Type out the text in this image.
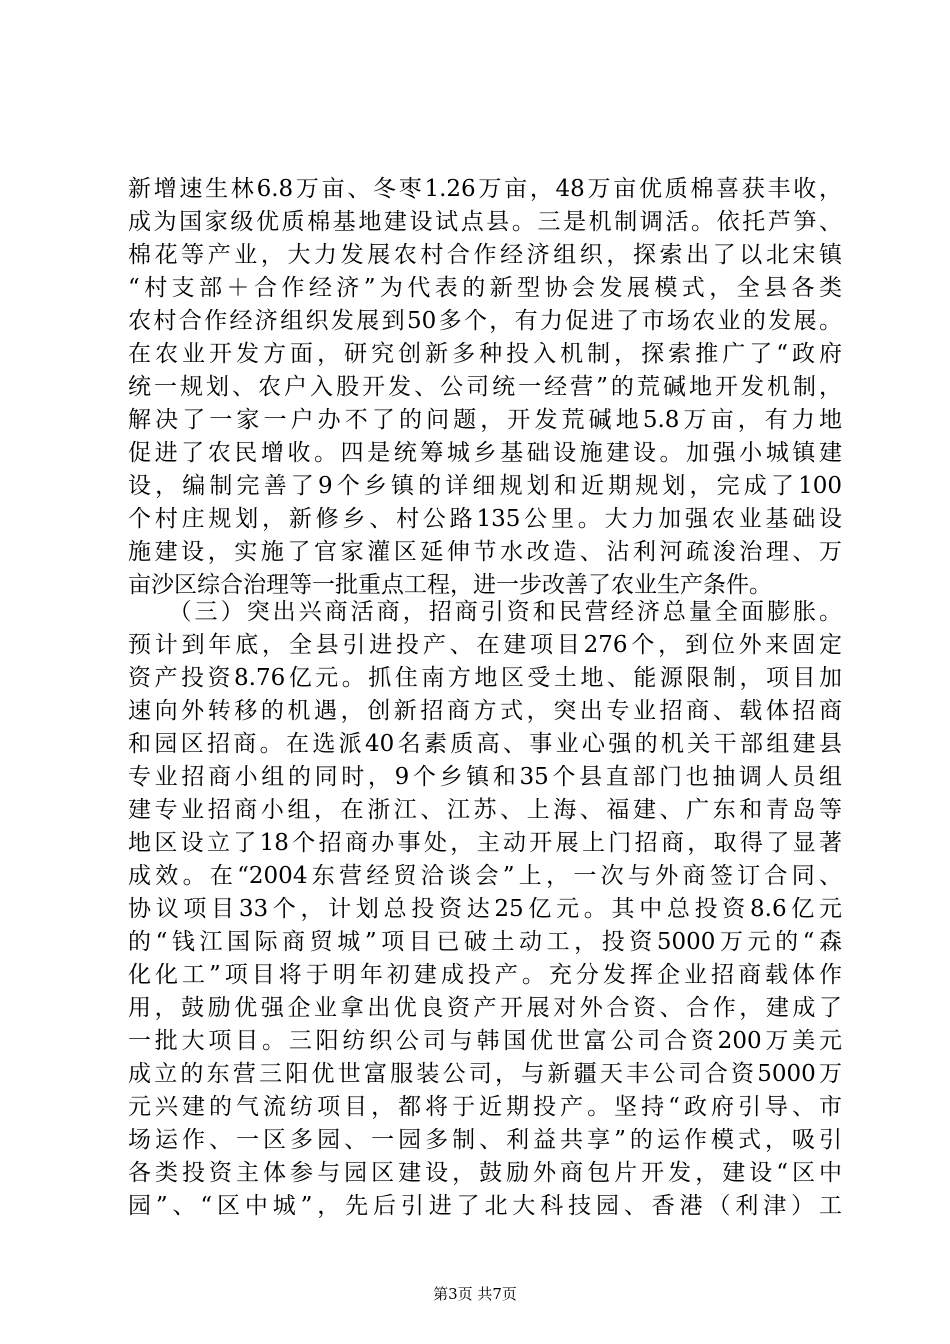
新增速生林6.8万亩、冬枣1.26万亩，48万亩优质棉喜获丰收，
成为国家级优质棉基地建设试点县。三是机制调活。依托芦笋、
棉花等产业，大力发展农村合作经济组织，探索出了以北宋镇
“村支部＋合作经济”为代表的新型协会发展模式，全县各类
农村合作经济组织发展到50多个，有力促进了市场农业的发展。
在农业开发方面，研究创新多种投入机制，探索推广了“政府
统一规划、农户入股开发、公司统一经营”的荒碱地开发机制，
解决了一家一户办不了的问题，开发荒碱地5.8万亩，有力地
促进了农民增收。四是统筹城乡基础设施建设。加强小城镇建
设，编制完善了9个乡镇的详细规划和近期规划，完成了100
个村庄规划，新修乡、村公路135公里。大力加强农业基础设
施建设，实施了官家灌区延伸节水改造、沾利河疏浚治理、万
亩沙区综合治理等一批重点工程，进一步改善了农业生产条件。
　　（三）突出兴商活商，招商引资和民营经济总量全面膨胀。
预计到年底，全县引进投产、在建项目276个，到位外来固定
资产投资8.76亿元。抓住南方地区受土地、能源限制，项目加
速向外转移的机遇，创新招商方式，突出专业招商、载体招商
和园区招商。在选派40名素质高、事业心强的机关干部组建县
专业招商小组的同时，9个乡镇和35个县直部门也抽调人员组
建专业招商小组，在浙江、江苏、上海、福建、广东和青岛等
地区设立了18个招商办事处，主动开展上门招商，取得了显著
成效。在“2004东营经贸洽谈会”上，一次与外商签订合同、
协议项目33个，计划总投资达25亿元。其中总投资8.6亿元
的“钱江国际商贸城”项目已破土动工，投资5000万元的“森
化化工”项目将于明年初建成投产。充分发挥企业招商载体作
用，鼓励优强企业拿出优良资产开展对外合资、合作，建成了
一批大项目。三阳纺织公司与韩国优世富公司合资200万美元
成立的东营三阳优世富服装公司，与新疆天丰公司合资5000万
元兴建的气流纺项目，都将于近期投产。坚持“政府引导、市
场运作、一区多园、一园多制、利益共享”的运作模式，吸引
各类投资主体参与园区建设，鼓励外商包片开发，建设“区中
园”、“区中城”，先后引进了北大科技园、香港（利津）工
第3页 共7页
